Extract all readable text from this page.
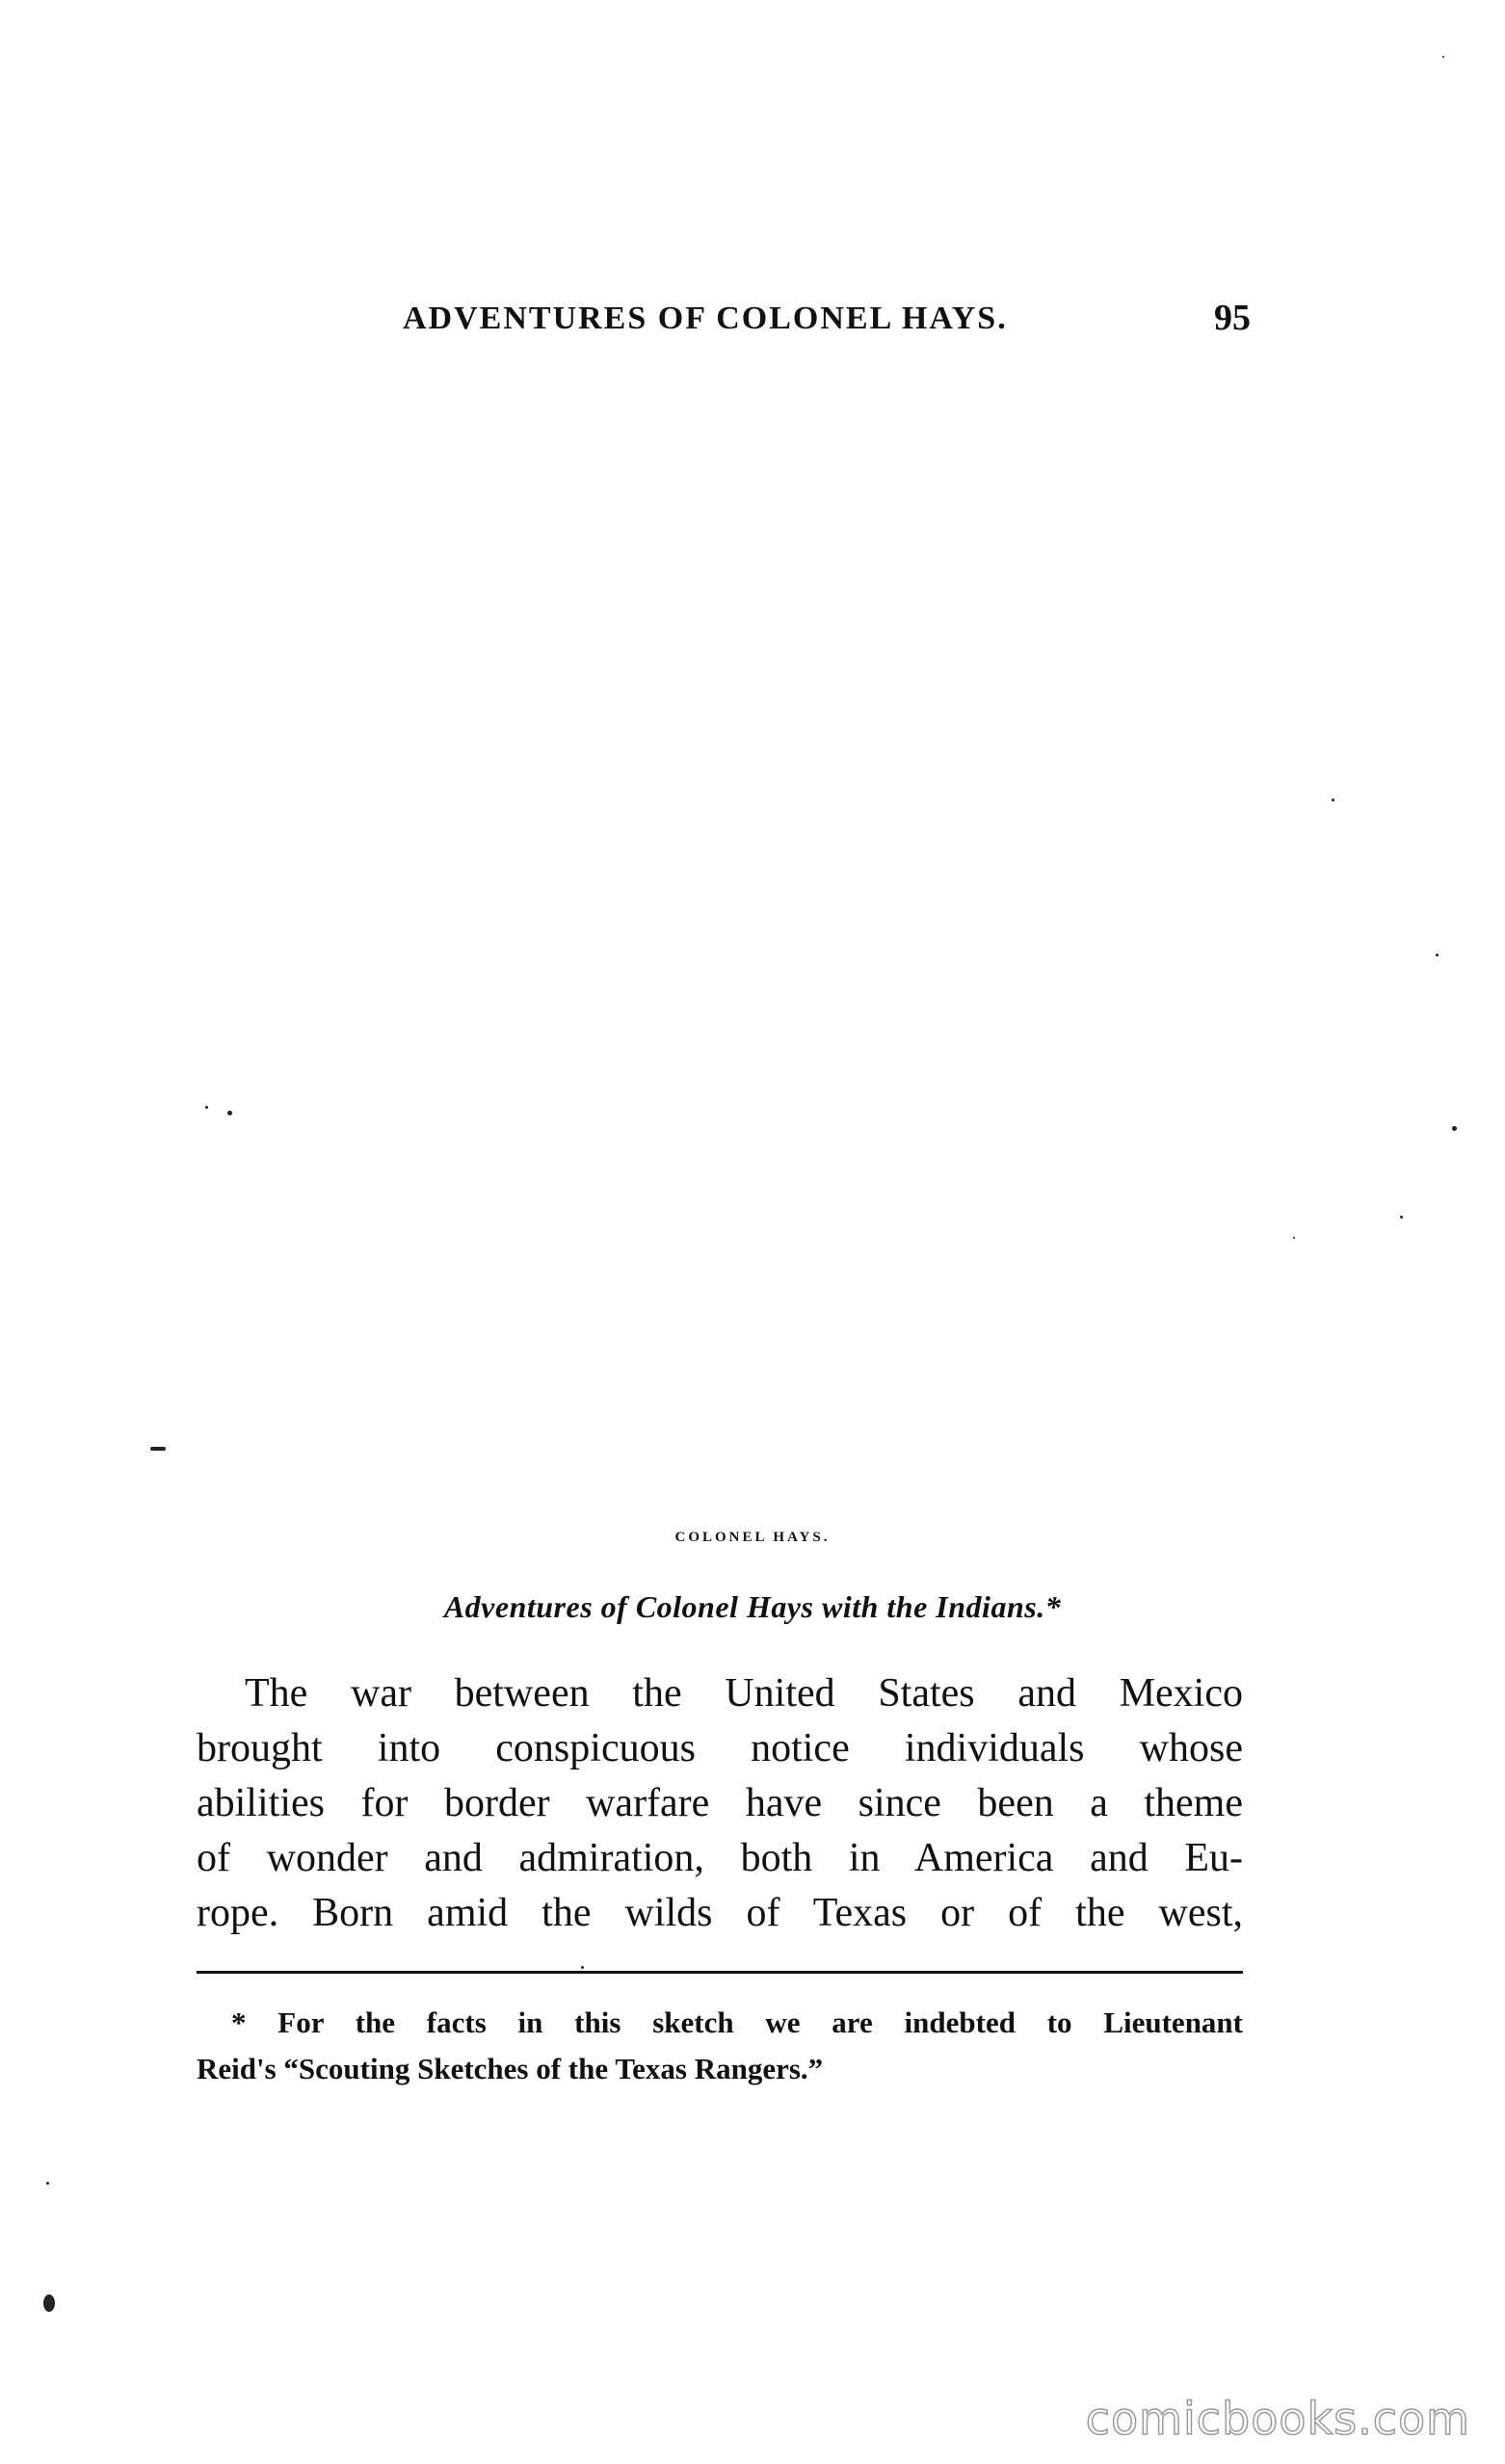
ADVENTURES OF COLONEL HAYS.	95
COLONEL HAYS.
Adventures of Colonel Hays with the Indians.*
The war between the United States and Mexico
brought into conspicuous notice individuals whose
abilities for border warfare have since been a theme
of wonder and admiration, both in America and Eu-
rope. Born amid the wilds of Texas or of the west,
* For the facts in this sketch we are indebted to Lieutenant
Reid's “Scouting Sketches of the Texas Rangers.”
comicbooks.com
